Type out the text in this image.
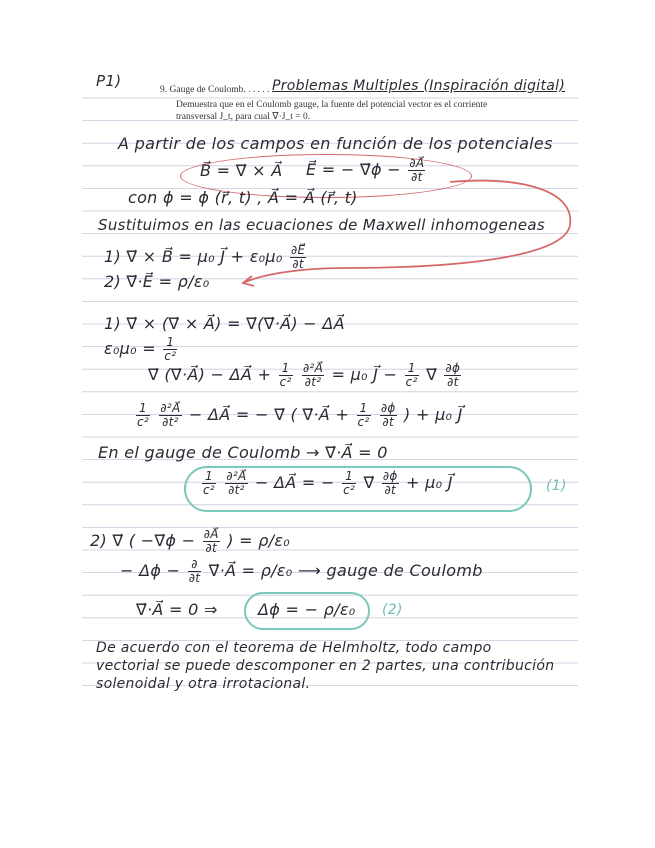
P1)	9. Gauge de Coulomb. . . . . . . .
Problemas Multiples (Inspiración digital)
Demuestra que en el Coulomb gauge, la fuente del potencial vector es el corriente
transversal J_t, para cual ∇·J_t = 0.
A partir de los campos en función de los potenciales
B⃗ = ∇⃗ × A⃗ E⃗ = − ∇⃗ϕ − $\frac{\partial A⃗}{\partial t}$
con ϕ = ϕ (r⃗, t) , A⃗ = A⃗ (r⃗, t)
Sustituimos en las ecuaciones de Maxwell inhomogeneas
1) ∇⃗ × B⃗ = μ₀ J⃗ + $\varepsilon_0\mu_0 \frac{\partial E⃗}{\partial t}$
2) ∇⃗·E⃗ = ρ/ε₀
1) ∇⃗ × (∇⃗ × A⃗) = ∇⃗(∇⃗·A⃗) − ΔA⃗
$\varepsilon_0\mu_0 = \frac{1}{\text{c²}}$
∇⃗ (∇⃗·A⃗) − ΔA⃗ + $\frac{1}{\text{c²}}$
$\frac{\text{∂²A⃗}}{\text{∂t²}} = \mu_0$ J⃗ − $\frac{1}{\text{c²}}$ ∇⃗ $\frac{\partial\phi}{\partial t}$
$\frac{1}{\text{c²}}$
$\frac{\text{∂²A⃗}}{\text{∂t²}}$ − ΔA⃗ = − ∇⃗ ( ∇⃗·A⃗ + $\frac{1}{\text{c²}}$
$\frac{\partial\phi}{\partial t}$ ) + μ₀ J⃗
En el gauge de Coulomb → ∇⃗·A⃗ = 0
$\frac{1}{\text{c²}}$
$\frac{\text{∂²A⃗}}{\text{∂t²}}$ − ΔA⃗ = − $\frac{1}{\text{c²}}$ ∇⃗ $\frac{\partial\phi}{\partial t} + \mu_0$ J⃗	(1)
2) ∇⃗ ( −∇⃗ϕ − $\frac{\partial A⃗}{\partial t}$ ) = ρ/ε₀
− $\Delta\phi - \frac{\partial}{\partial t}$ ∇⃗·A⃗ = ρ/ε₀ ⟶ gauge de Coulomb
∇⃗·A⃗ = 0 ⇒	Δϕ = − ρ/ε₀ (2)
De acuerdo con el teorema de Helmholtz, todo campo
vectorial se puede descomponer en 2 partes, una contribución
solenoidal y otra irrotacional.
